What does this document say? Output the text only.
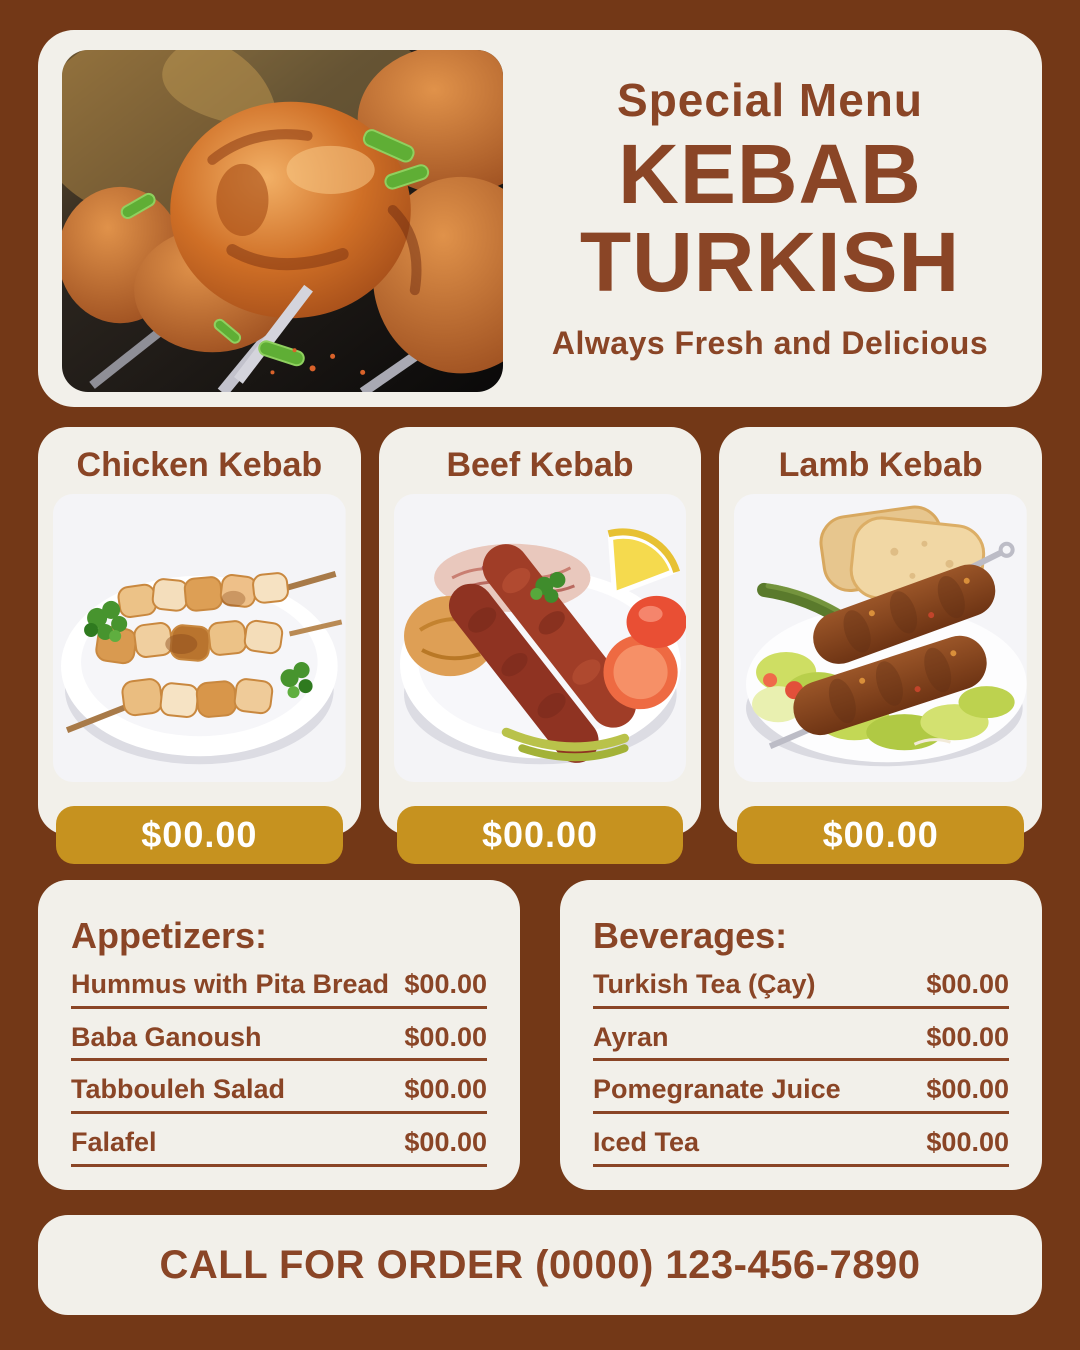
Special Menu
KEBAB
TURKISH
Always Fresh and Delicious
Chicken Kebab
$00.00
Beef Kebab
$00.00
Lamb Kebab
$00.00
Appetizers:
Hummus with Pita Bread $00.00
Baba Ganoush	$00.00
Tabbouleh Salad	$00.00
Falafel	$00.00
Beverages:
Turkish Tea (Çay)	$00.00
Ayran	$00.00
Pomegranate Juice	$00.00
Iced Tea	$00.00
CALL FOR ORDER (0000) 123-456-7890
